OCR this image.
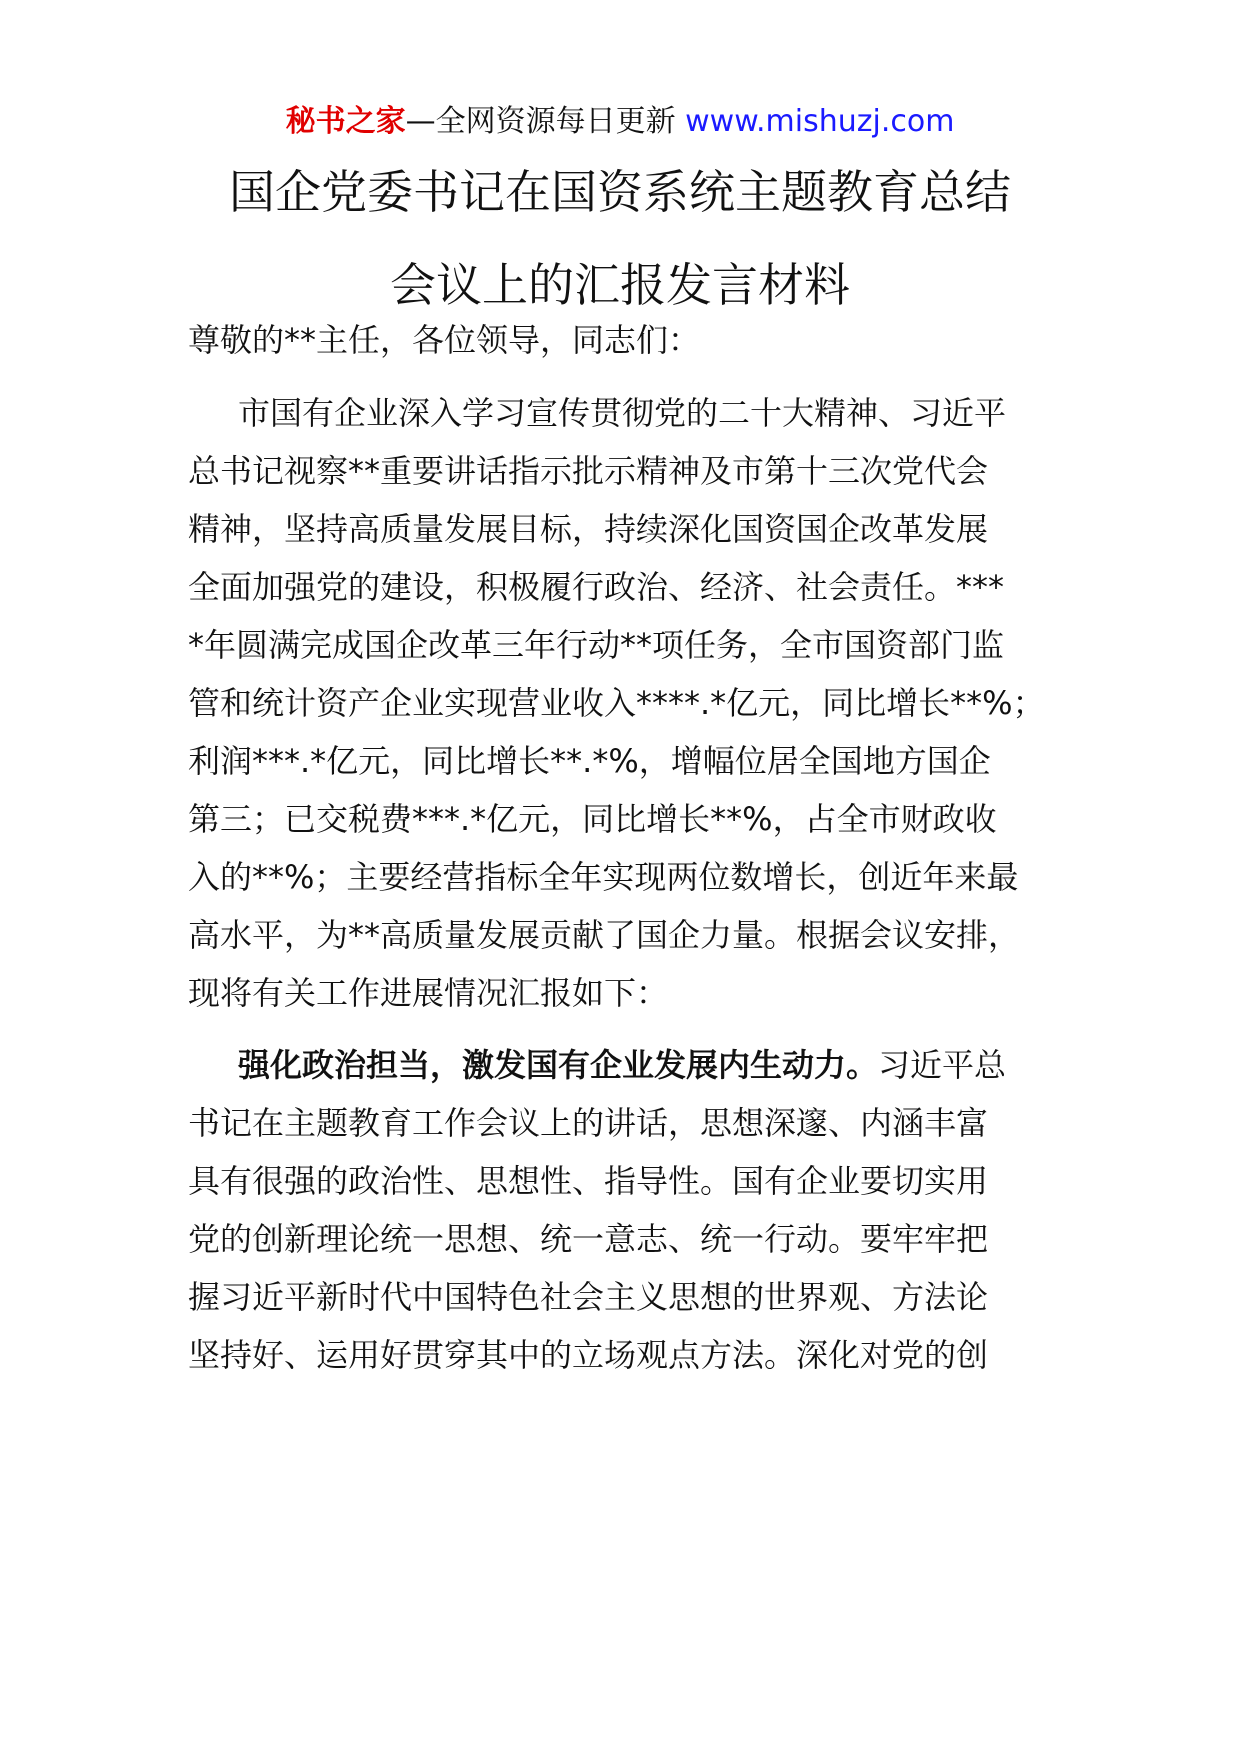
秘书之家—全网资源每日更新 www.mishuzj.com
国企党委书记在国资系统主题教育总结
会议上的汇报发言材料
尊敬的**主任，各位领导，同志们：
市国有企业深入学习宣传贯彻党的二十大精神、习近平
总书记视察**重要讲话指示批示精神及市第十三次党代会
精神，坚持高质量发展目标，持续深化国资国企改革发展
全面加强党的建设，积极履行政治、经济、社会责任。***
*年圆满完成国企改革三年行动**项任务，全市国资部门监
管和统计资产企业实现营业收入****.*亿元，同比增长**%；
利润***.*亿元，同比增长**.*%，增幅位居全国地方国企
第三；已交税费***.*亿元，同比增长**%，占全市财政收
入的**%；主要经营指标全年实现两位数增长，创近年来最
高水平，为**高质量发展贡献了国企力量。根据会议安排，
现将有关工作进展情况汇报如下：
强化政治担当，激发国有企业发展内生动力。习近平总
书记在主题教育工作会议上的讲话，思想深邃、内涵丰富
具有很强的政治性、思想性、指导性。国有企业要切实用
党的创新理论统一思想、统一意志、统一行动。要牢牢把
握习近平新时代中国特色社会主义思想的世界观、方法论
坚持好、运用好贯穿其中的立场观点方法。深化对党的创
